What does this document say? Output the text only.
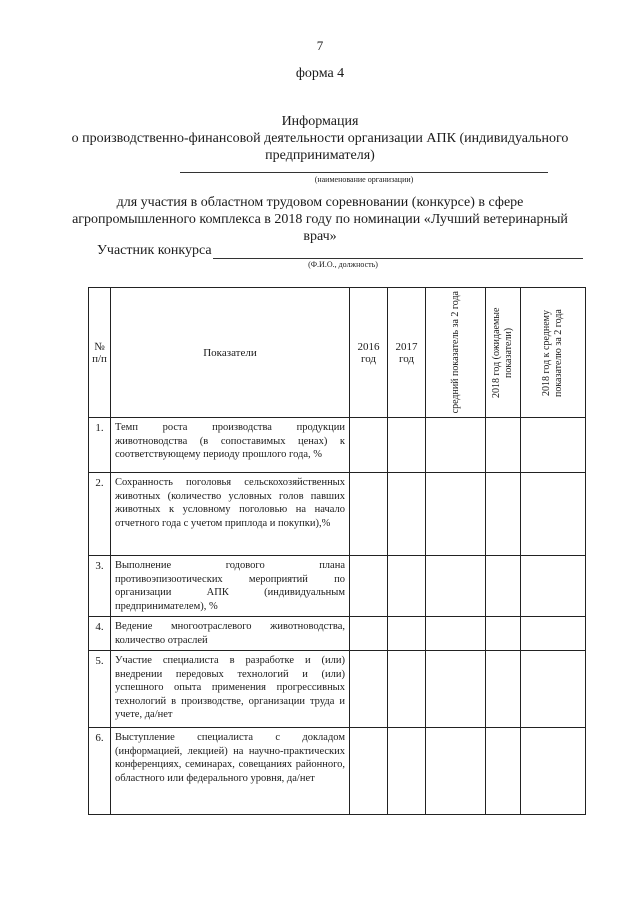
7
форма 4
Информация
о производственно-финансовой деятельности организации АПК (индивидуального предпринимателя)
(наименование организации)
для участия в областном трудовом соревновании (конкурсе) в сфере агропромышленного комплекса в 2018 году по номинации «Лучший ветеринарный врач»
Участник конкурса
(Ф.И.О., должность)
№ п/п	Показатели	2016 год	2017 год	средний показатель за 2 года	2018 год (ожидаемые показатели)	2018 год к среднему показателю за 2 года

1.	Темп роста производства продукции животноводства (в сопоставимых ценах) к соответствующему периоду прошлого года, %					
2.	Сохранность поголовья сельскохозяйственных животных (количество условных голов павших животных к условному поголовью на начало отчетного года с учетом приплода и покупки),%					
3.	Выполнение годового плана противоэпизоотических мероприятий по организации АПК (индивидуальным предпринимателем), %					
4.	Ведение многоотраслевого животноводства, количество отраслей					
5.	Участие специалиста в разработке и (или) внедрении передовых технологий и (или) успешного опыта применения прогрессивных технологий в производстве, организации труда и учете, да/нет					
6.	Выступление специалиста с докладом (информацией, лекцией) на научно-практических конференциях, семинарах, совещаниях районного, областного или федерального уровня, да/нет					
